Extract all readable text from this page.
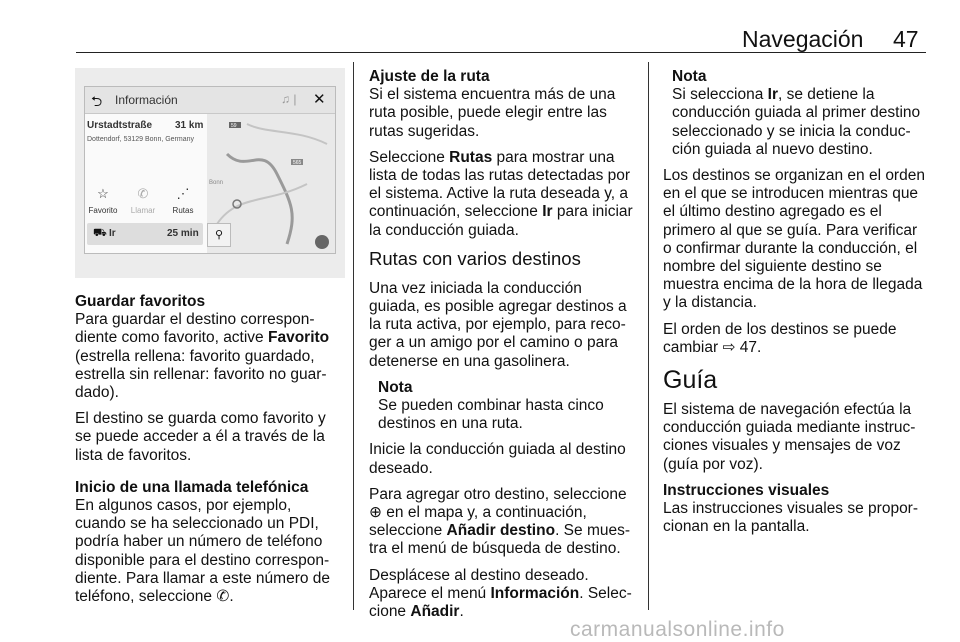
Navegación 47
⮌ Información	♫ | ✕
Urstadtstraße 31 km
Dottendorf, 53129 Bonn, Germany
☆
Favorito
✆
Llamar
⋰
Rutas
59
565
Bonn
⛟ Ir	25 min	⚲

Guardar favoritos
Para guardar el destino correspon-diente como favorito, active Favorito (estrella rellena: favorito guardado, estrella sin rellenar: favorito no guar-dado).

El destino se guarda como favorito y se puede acceder a él a través de la lista de favoritos.

Inicio de una llamada telefónica
En algunos casos, por ejemplo, cuando se ha seleccionado un PDI, podría haber un número de teléfono disponible para el destino correspon-diente. Para llamar a este número de teléfono, seleccione ✆.

Ajuste de la ruta
Si el sistema encuentra más de una ruta posible, puede elegir entre las rutas sugeridas.

Seleccione Rutas para mostrar una lista de todas las rutas detectadas por el sistema. Active la ruta deseada y, a continuación, seleccione Ir para iniciar la conducción guiada.

Rutas con varios destinos

Una vez iniciada la conducción guiada, es posible agregar destinos a la ruta activa, por ejemplo, para reco-ger a un amigo por el camino o para detenerse en una gasolinera.

Nota
Se pueden combinar hasta cinco destinos en una ruta.

Inicie la conducción guiada al destino deseado.

Para agregar otro destino, seleccione ⊕ en el mapa y, a continuación, seleccione Añadir destino. Se mues-tra el menú de búsqueda de destino.

Desplácese al destino deseado. Aparece el menú Información. Selec-cione Añadir.

Nota
Si selecciona Ir, se detiene la conducción guiada al primer destino seleccionado y se inicia la conduc-ción guiada al nuevo destino.

Los destinos se organizan en el orden en el que se introducen mientras que el último destino agregado es el primero al que se guía. Para verificar o confirmar durante la conducción, el nombre del siguiente destino se muestra encima de la hora de llegada y la distancia.

El orden de los destinos se puede cambiar ⇨ 47.

Guía

El sistema de navegación efectúa la conducción guiada mediante instruc-ciones visuales y mensajes de voz (guía por voz).

Instrucciones visuales
Las instrucciones visuales se propor-cionan en la pantalla.

carmanualsonline.info
